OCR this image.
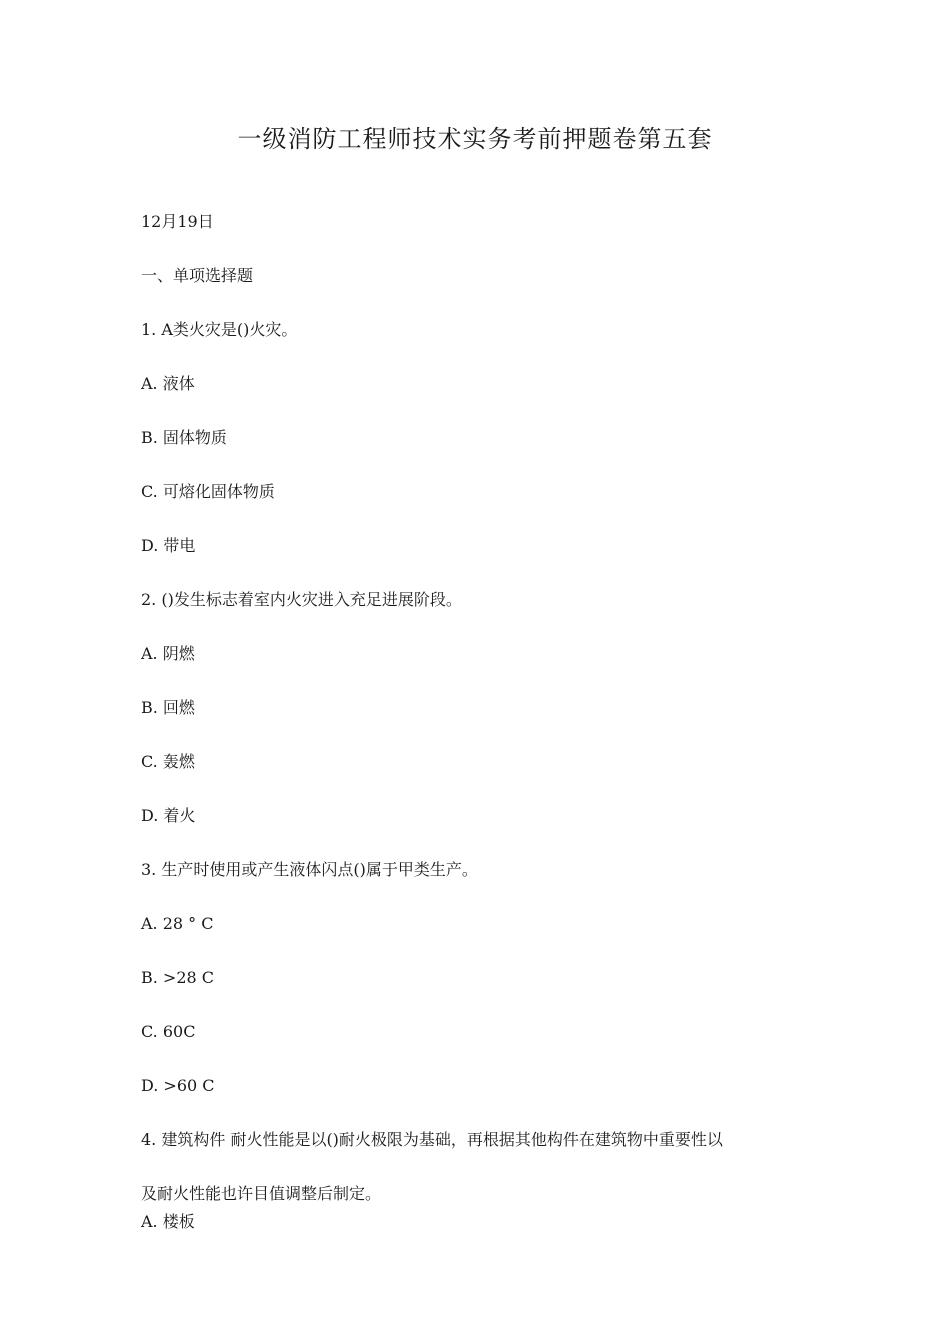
一级消防工程师技术实务考前押题卷第五套
12月19日
一、单项选择题
1. A类火灾是()火灾。
A. 液体
B. 固体物质
C. 可熔化固体物质
D. 带电
2. ()发生标志着室内火灾进入充足进展阶段。
A. 阴燃
B. 回燃
C. 轰燃
D. 着火
3. 生产时使用或产生液体闪点()属于甲类生产。
A. 28 ° C
B. >28 C
C. 60C
D. >60 C
4. 建筑构件 耐火性能是以()耐火极限为基础，再根据其他构件在建筑物中重要性以
及耐火性能也许目值调整后制定。
A. 楼板
